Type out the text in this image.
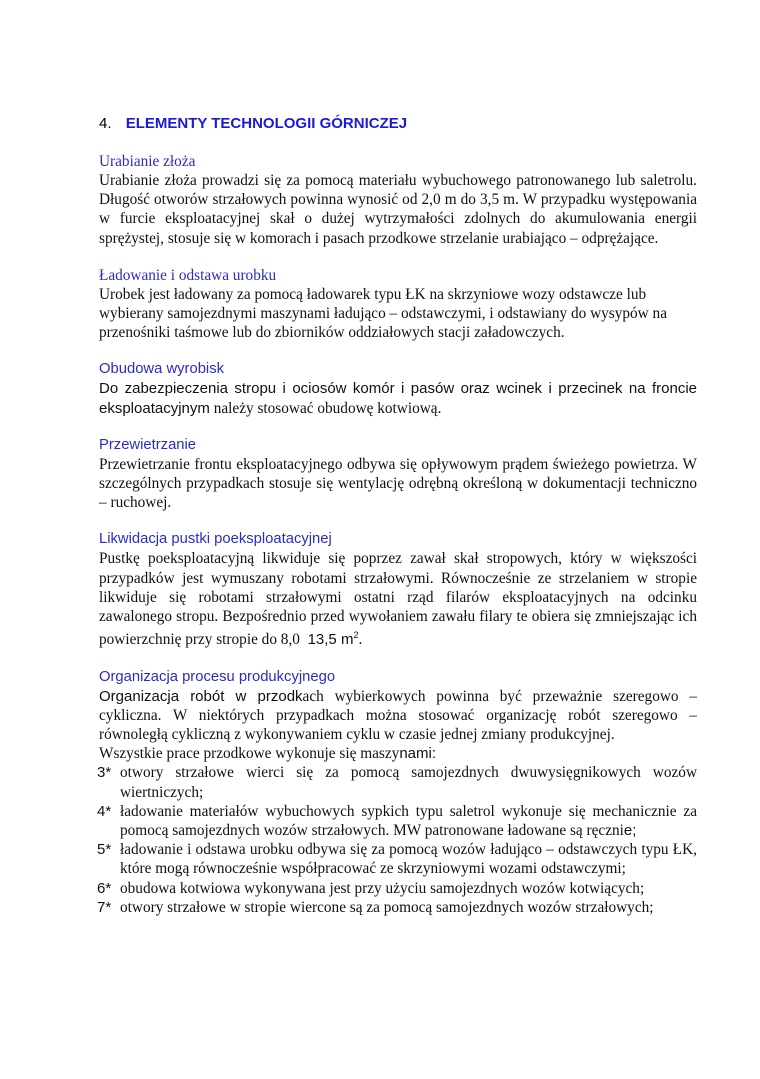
4. ELEMENTY TECHNOLOGII GÓRNICZEJ
Urabianie złoża

Urabianie złoża prowadzi się za pomocą materiału wybuchowego patronowanego lub saletrolu. Długość otworów strzałowych powinna wynosić od 2,0 m do 3,5 m. W przypadku występowania w furcie eksploatacyjnej skał o dużej wytrzymałości zdolnych do akumulowania energii sprężystej, stosuje się w komorach i pasach przodkowe strzelanie urabiająco – odprężające.

Ładowanie i odstawa urobku

Urobek jest ładowany za pomocą ładowarek typu ŁK na skrzyniowe wozy odstawcze lub wybierany samojezdnymi maszynami ładująco – odstawczymi, i odstawiany do wysypów na przenośniki taśmowe lub do zbiorników oddziałowych stacji załadowczych.

Obudowa wyrobisk

Do zabezpieczenia stropu i ociosów komór i pasów oraz wcinek i przecinek na froncie eksploatacyjnym należy stosować obudowę kotwiową.

Przewietrzanie

Przewietrzanie frontu eksploatacyjnego odbywa się opływowym prądem świeżego powietrza. W szczególnych przypadkach stosuje się wentylację odrębną określoną w dokumentacji techniczno – ruchowej.

Likwidacja pustki poeksploatacyjnej

Pustkę poeksploatacyjną likwiduje się poprzez zawał skał stropowych, który w większości przypadków jest wymuszany robotami strzałowymi. Równocześnie ze strzelaniem w stropie likwiduje się robotami strzałowymi ostatni rząd filarów eksploatacyjnych na odcinku zawalonego stropu. Bezpośrednio przed wywołaniem zawału filary te obiera się zmniejszając ich powierzchnię przy stropie do 8,0 13,5 $m^2$.

Organizacja procesu produkcyjnego

Organizacja robót w przodkach wybierkowych powinna być przeważnie szeregowo – cykliczna. W niektórych przypadkach można stosować organizację robót szeregowo – równoległą cykliczną z wykonywaniem cyklu w czasie jednej zmiany produkcyjnej.

Wszystkie prace przodkowe wykonuje się maszynami:

3* otwory strzałowe wierci się za pomocą samojezdnych dwuwysięgnikowych wozów wiertniczych;
4* ładowanie materiałów wybuchowych sypkich typu saletrol wykonuje się mechanicznie za pomocą samojezdnych wozów strzałowych. MW patronowane ładowane są ręcznie;
5* ładowanie i odstawa urobku odbywa się za pomocą wozów ładująco – odstawczych typu ŁK, które mogą równocześnie współpracować ze skrzyniowymi wozami odstawczymi;
6* obudowa kotwiowa wykonywana jest przy użyciu samojezdnych wozów kotwiących;
7* otwory strzałowe w stropie wiercone są za pomocą samojezdnych wozów strzałowych;
